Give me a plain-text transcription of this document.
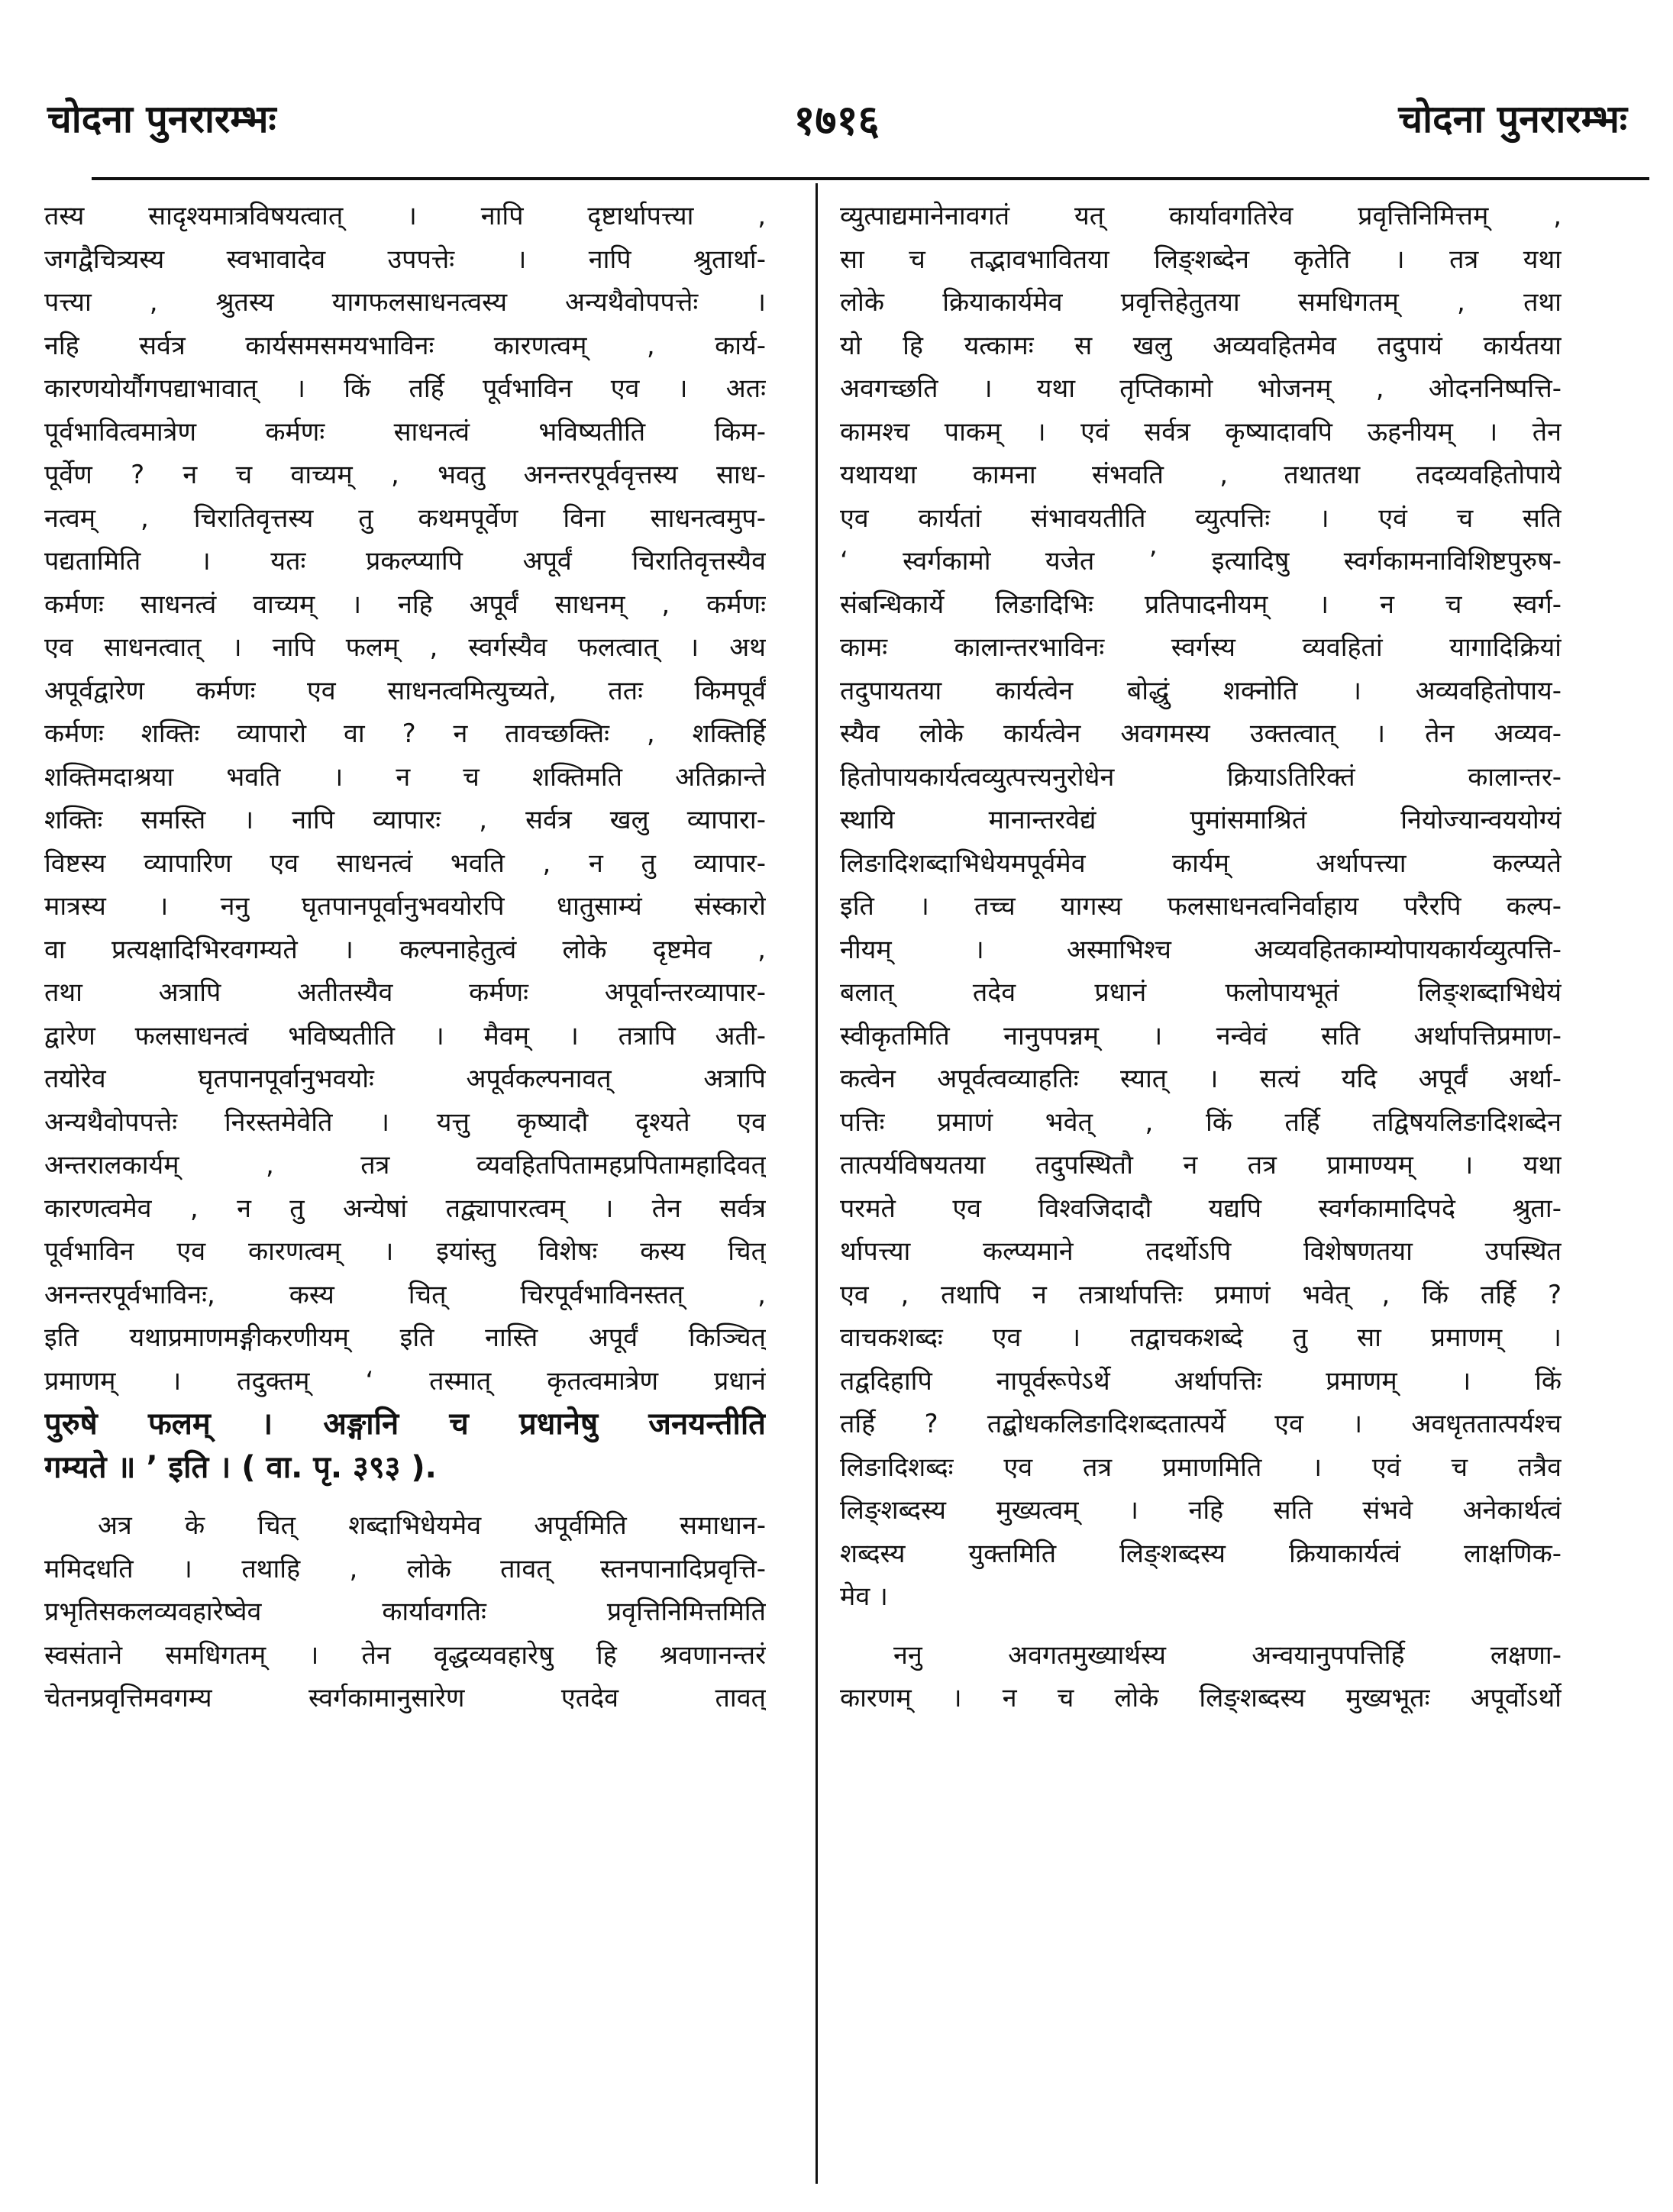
चोदना पुनरारम्भः	१७१६	चोदना पुनरारम्भः
तस्य सादृश्यमात्रविषयत्वात् । नापि दृष्टार्थापत्त्या ,
जगद्वैचित्र्यस्य स्वभावादेव उपपत्तेः । नापि श्रुतार्था-
पत्त्या , श्रुतस्य यागफलसाधनत्वस्य अन्यथैवोपपत्तेः ।
नहि सर्वत्र कार्यसमसमयभाविनः कारणत्वम् , कार्य-
कारणयोर्यौगपद्याभावात् । किं तर्हि पूर्वभाविन एव । अतः
पूर्वभावित्वमात्रेण कर्मणः साधनत्वं भविष्यतीति किम-
पूर्वेण ? न च वाच्यम् , भवतु अनन्तरपूर्ववृत्तस्य साध-
नत्वम् , चिरातिवृत्तस्य तु कथमपूर्वेण विना साधनत्वमुप-
पद्यतामिति । यतः प्रकल्प्यापि अपूर्वं चिरातिवृत्तस्यैव
कर्मणः साधनत्वं वाच्यम् । नहि अपूर्वं साधनम् , कर्मणः
एव साधनत्वात् । नापि फलम् , स्वर्गस्यैव फलत्वात् । अथ
अपूर्वद्वारेण कर्मणः एव साधनत्वमित्युच्यते, ततः किमपूर्वं
कर्मणः शक्तिः व्यापारो वा ? न तावच्छक्तिः , शक्तिर्हि
शक्तिमदाश्रया भवति । न च शक्तिमति अतिक्रान्ते
शक्तिः समस्ति । नापि व्यापारः , सर्वत्र खलु व्यापारा-
विष्टस्य व्यापारिण एव साधनत्वं भवति , न तु व्यापार-
मात्रस्य । ननु घृतपानपूर्वानुभवयोरपि धातुसाम्यं संस्कारो
वा प्रत्यक्षादिभिरवगम्यते । कल्पनाहेतुत्वं लोके दृष्टमेव ,
तथा अत्रापि अतीतस्यैव कर्मणः अपूर्वान्तरव्यापार-
द्वारेण फलसाधनत्वं भविष्यतीति । मैवम् । तत्रापि अती-
तयोरेव घृतपानपूर्वानुभवयोः अपूर्वकल्पनावत् अत्रापि
अन्यथैवोपपत्तेः निरस्तमेवेति । यत्तु कृष्यादौ दृश्यते एव
अन्तरालकार्यम् , तत्र व्यवहितपितामहप्रपितामहादिवत्
कारणत्वमेव , न तु अन्येषां तद्व्यापारत्वम् । तेन सर्वत्र
पूर्वभाविन एव कारणत्वम् । इयांस्तु विशेषः कस्य चित्
अनन्तरपूर्वभाविनः, कस्य चित् चिरपूर्वभाविनस्तत् ,
इति यथाप्रमाणमङ्गीकरणीयम् इति नास्ति अपूर्वं किञ्चित्
प्रमाणम् । तदुक्तम् ‘ तस्मात् कृतत्वमात्रेण प्रधानं
पुरुषे फलम् । अङ्गानि च प्रधानेषु जनयन्तीति
गम्यते ॥ ’ इति । ( वा. पृ. ३९३ ).
अत्र के चित् शब्दाभिधेयमेव अपूर्वमिति समाधान-
ममिदधति । तथाहि , लोके तावत् स्तनपानादिप्रवृत्ति-
प्रभृतिसकलव्यवहारेष्वेव कार्यावगतिः प्रवृत्तिनिमित्तमिति
स्वसंताने समधिगतम् । तेन वृद्धव्यवहारेषु हि श्रवणानन्तरं
चेतनप्रवृत्तिमवगम्य स्वर्गकामानुसारेण एतदेव तावत्
व्युत्पाद्यमानेनावगतं यत् कार्यावगतिरेव प्रवृत्तिनिमित्तम् ,
सा च तद्भावभावितया लिङ्शब्देन कृतेति । तत्र यथा
लोके क्रियाकार्यमेव प्रवृत्तिहेतुतया समधिगतम् , तथा
यो हि यत्कामः स खलु अव्यवहितमेव तदुपायं कार्यतया
अवगच्छति । यथा तृप्तिकामो भोजनम् , ओदननिष्पत्ति-
कामश्च पाकम् । एवं सर्वत्र कृष्यादावपि ऊहनीयम् । तेन
यथायथा कामना संभवति , तथातथा तदव्यवहितोपाये
एव कार्यतां संभावयतीति व्युत्पत्तिः । एवं च सति
‘ स्वर्गकामो यजेत ’ इत्यादिषु स्वर्गकामनाविशिष्टपुरुष-
संबन्धिकार्ये लिङादिभिः प्रतिपादनीयम् । न च स्वर्ग-
कामः कालान्तरभाविनः स्वर्गस्य व्यवहितां यागादिक्रियां
तदुपायतया कार्यत्वेन बोद्धुं शक्नोति । अव्यवहितोपाय-
स्यैव लोके कार्यत्वेन अवगमस्य उक्तत्वात् । तेन अव्यव-
हितोपायकार्यत्वव्युत्पत्त्यनुरोधेन क्रियाऽतिरिक्तं कालान्तर-
स्थायि मानान्तरवेद्यं पुमांसमाश्रितं नियोज्यान्वययोग्यं
लिङादिशब्दाभिधेयमपूर्वमेव कार्यम् अर्थापत्त्या कल्प्यते
इति । तच्च यागस्य फलसाधनत्वनिर्वाहाय परैरपि कल्प-
नीयम् । अस्माभिश्च अव्यवहितकाम्योपायकार्यव्युत्पत्ति-
बलात् तदेव प्रधानं फलोपायभूतं लिङ्शब्दाभिधेयं
स्वीकृतमिति नानुपपन्नम् । नन्वेवं सति अर्थापत्तिप्रमाण-
कत्वेन अपूर्वत्वव्याहतिः स्यात् । सत्यं यदि अपूर्वं अर्था-
पत्तिः प्रमाणं भवेत् , किं तर्हि तद्विषयलिङादिशब्देन
तात्पर्यविषयतया तदुपस्थितौ न तत्र प्रामाण्यम् । यथा
परमते एव विश्वजिदादौ यद्यपि स्वर्गकामादिपदे श्रुता-
र्थापत्त्या कल्प्यमाने तदर्थोऽपि विशेषणतया उपस्थित
एव , तथापि न तत्रार्थापत्तिः प्रमाणं भवेत् , किं तर्हि ?
वाचकशब्दः एव । तद्वाचकशब्दे तु सा प्रमाणम् ।
तद्वदिहापि नापूर्वरूपेऽर्थे अर्थापत्तिः प्रमाणम् । किं
तर्हि ? तद्बोधकलिङादिशब्दतात्पर्ये एव । अवधृततात्पर्यश्च
लिङादिशब्दः एव तत्र प्रमाणमिति । एवं च तत्रैव
लिङ्शब्दस्य मुख्यत्वम् । नहि सति संभवे अनेकार्थत्वं
शब्दस्य युक्तमिति लिङ्शब्दस्य क्रियाकार्यत्वं लाक्षणिक-
मेव ।
ननु अवगतमुख्यार्थस्य अन्वयानुपपत्तिर्हि लक्षणा-
कारणम् । न च लोके लिङ्शब्दस्य मुख्यभूतः अपूर्वोऽर्थो
